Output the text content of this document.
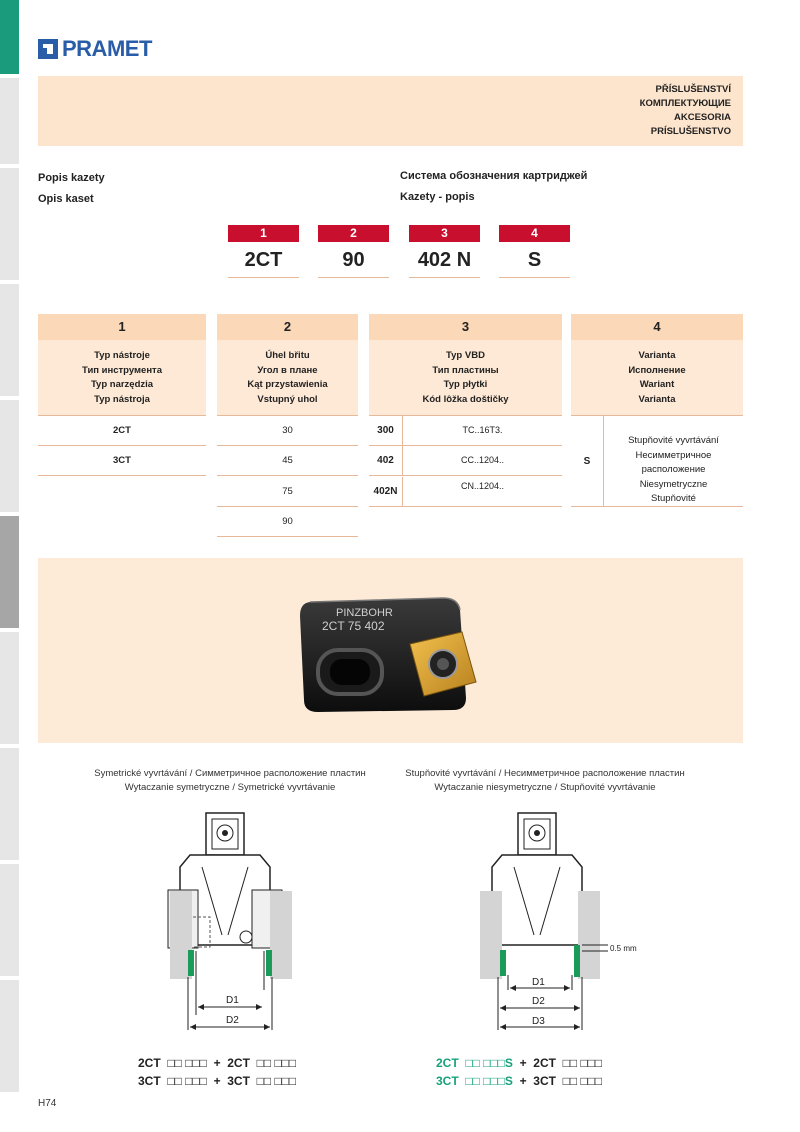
PRAMET
PŘÍSLUŠENSTVÍ
КОМПЛЕКТУЮЩИЕ
AKCESORIA
PRÍSLUŠENSTVO
Popis kazety
Opis kaset
Система обозначения картриджей
Kazety - popis
1
2CT
2
90
3
402 N
4
S
1
Typ nástroje
Тип инструмента
Typ narzędzia
Typ nástroja
2CT
3CT
2
Úhel břitu
Угол в плане
Kąt przystawienia
Vstupný uhol
30
45
75
90
3
Typ VBD
Тип пластины
Typ płytki
Kód lôžka doštičky
300	TC..16T3.
402	CC..1204..
402N	CN..1204..
4
Varianta
Исполнение
Wariant
Varianta
S
Stupňovité vyvrtávání
Несимметричное расположение
Niesymetryczne
Stupňovité
PINZBOHR
2CT 75 402
Symetrické vyvrtávání / Симметричное расположение пластин
Wytaczanie symetryczne / Symetrické vyvrtávanie
Stupňovité vyvrtávání / Несимметричное расположение пластин
Wytaczanie niesymetryczne / Stupňovité vyvrtávanie
D1
D2
0.5 mm
D1
D2
D3
2CT  □□ □□□  +  2CT  □□ □□□
3CT  □□ □□□  +  3CT  □□ □□□
2CT  □□ □□□S  +  2CT  □□ □□□
3CT  □□ □□□S  +  3CT  □□ □□□
H74
